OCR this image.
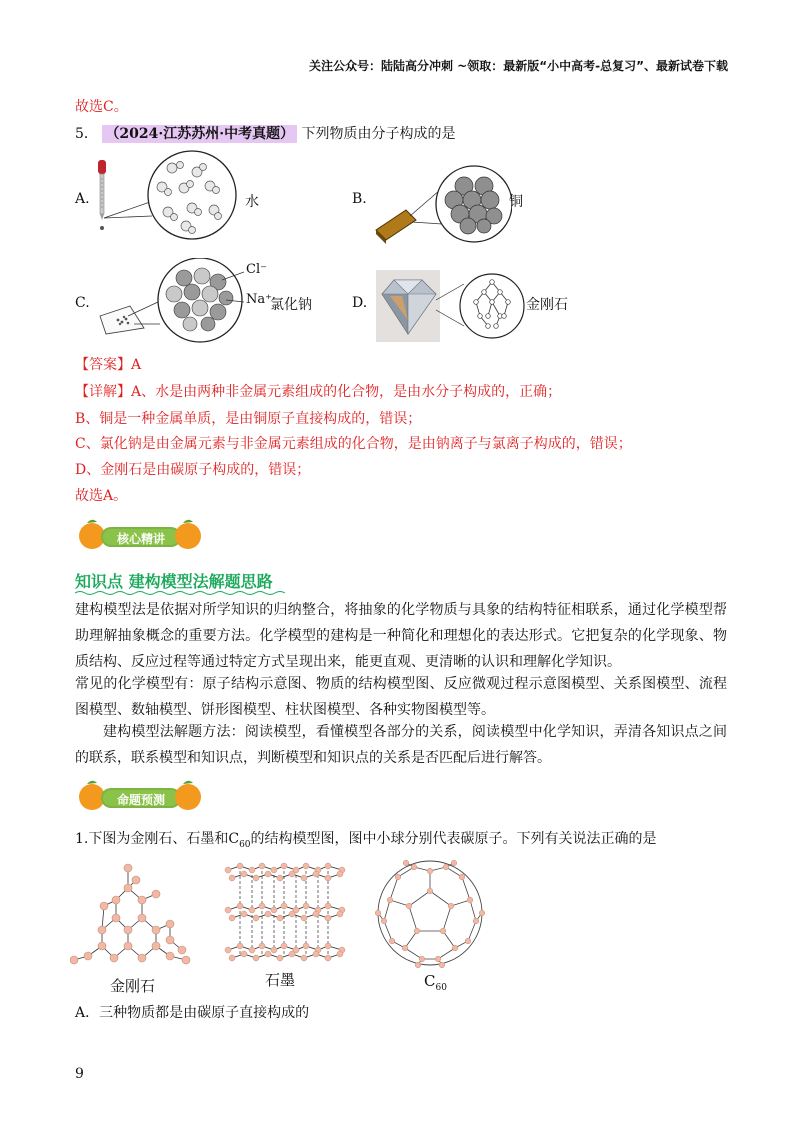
关注公众号：陆陆高分冲刺 ~领取：最新版“小中高考-总复习”、最新试卷下载
故选C。
5． （2024·江苏苏州·中考真题） 下列物质由分子构成的是
A.	水	B.	铜
C.
Cl⁻
Na⁺
氯化钠	D.	金刚石
【答案】A
【详解】A、水是由两种非金属元素组成的化合物，是由水分子构成的，正确；
B、铜是一种金属单质，是由铜原子直接构成的，错误；
C、氯化钠是由金属元素与非金属元素组成的化合物，是由钠离子与氯离子构成的，错误；
D、金刚石是由碳原子构成的，错误；
故选A。
核心精讲
知识点 建构模型法解题思路
建构模型法是依据对所学知识的归纳整合，将抽象的化学物质与具象的结构特征相联系，通过化学模型帮助理解抽象概念的重要方法。化学模型的建构是一种简化和理想化的表达形式。它把复杂的化学现象、物质结构、反应过程等通过特定方式呈现出来，能更直观、更清晰的认识和理解化学知识。
常见的化学模型有：原子结构示意图、物质的结构模型图、反应微观过程示意图模型、关系图模型、流程图模型、数轴模型、饼形图模型、柱状图模型、各种实物图模型等。
建构模型法解题方法：阅读模型，看懂模型各部分的关系，阅读模型中化学知识，弄清各知识点之间的联系，联系模型和知识点，判断模型和知识点的关系是否匹配后进行解答。
命题预测
1.下图为金刚石、石墨和$C_{60}$的结构模型图，图中小球分别代表碳原子。下列有关说法正确的是
金刚石	石墨	$C_{60}$
A．三种物质都是由碳原子直接构成的
9
